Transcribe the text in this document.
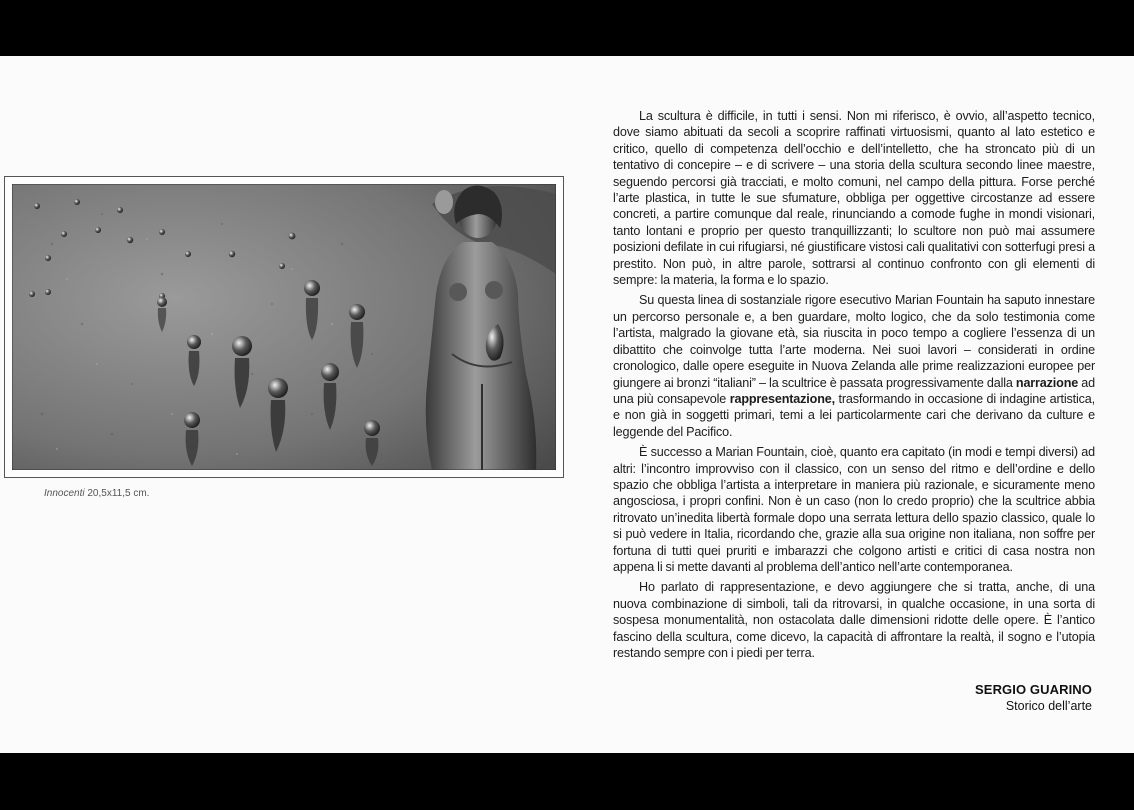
Innocenti 20,5x11,5 cm.

La scultura è difficile, in tutti i sensi. Non mi riferisco, è ovvio, all’aspetto tecnico, dove siamo abituati da secoli a scoprire raffinati virtuosismi, quanto al lato estetico e critico, quello di competenza dell’occhio e dell’intelletto, che ha stroncato più di un tentativo di concepire – e di scrivere – una storia della scultura secondo linee maestre, seguendo percorsi già tracciati, e molto comuni, nel campo della pittura. Forse perché l’arte plastica, in tutte le sue sfumature, obbliga per oggettive circostanze ad essere concreti, a partire comunque dal reale, rinunciando a comode fughe in mondi visionari, tanto lontani e proprio per questo tranquillizzanti; lo scultore non può mai assumere posizioni defilate in cui rifugiarsi, né giustificare vistosi cali qualitativi con sotterfugi presi a prestito. Non può, in altre parole, sottrarsi al continuo confronto con gli elementi di sempre: la materia, la forma e lo spazio.

Su questa linea di sostanziale rigore esecutivo Marian Fountain ha saputo innestare un percorso personale e, a ben guardare, molto logico, che da solo testimonia come l’artista, malgrado la giovane età, sia riuscita in poco tempo a cogliere l’essenza di un dibattito che coinvolge tutta l’arte moderna. Nei suoi lavori – considerati in ordine cronologico, dalle opere eseguite in Nuova Zelanda alle prime realizzazioni europee per giungere ai bronzi “italiani” – la scultrice è passata progressivamente dalla narrazione ad una più consapevole rappresentazione, trasformando in occasione di indagine artistica, e non già in soggetti primari, temi a lei particolarmente cari che derivano da culture e leggende del Pacifico.

È successo a Marian Fountain, cioè, quanto era capitato (in modi e tempi diversi) ad altri: l’incontro improvviso con il classico, con un senso del ritmo e dell’ordine e dello spazio che obbliga l’artista a interpretare in maniera più razionale, e sicuramente meno angosciosa, i propri confini. Non è un caso (non lo credo proprio) che la scultrice abbia ritrovato un’inedita libertà formale dopo una serrata lettura dello spazio classico, quale lo si può vedere in Italia, ricordando che, grazie alla sua origine non italiana, non soffre per fortuna di tutti quei pruriti e imbarazzi che colgono artisti e critici di casa nostra non appena li si mette davanti al problema dell’antico nell’arte contemporanea.

Ho parlato di rappresentazione, e devo aggiungere che si tratta, anche, di una nuova combinazione di simboli, tali da ritrovarsi, in qualche occasione, in una sorta di sospesa monumentalità, non ostacolata dalle dimensioni ridotte delle opere. È l’antico fascino della scultura, come dicevo, la capacità di affrontare la realtà, il sogno e l’utopia restando sempre con i piedi per terra.

SERGIO GUARINO
Storico dell’arte
